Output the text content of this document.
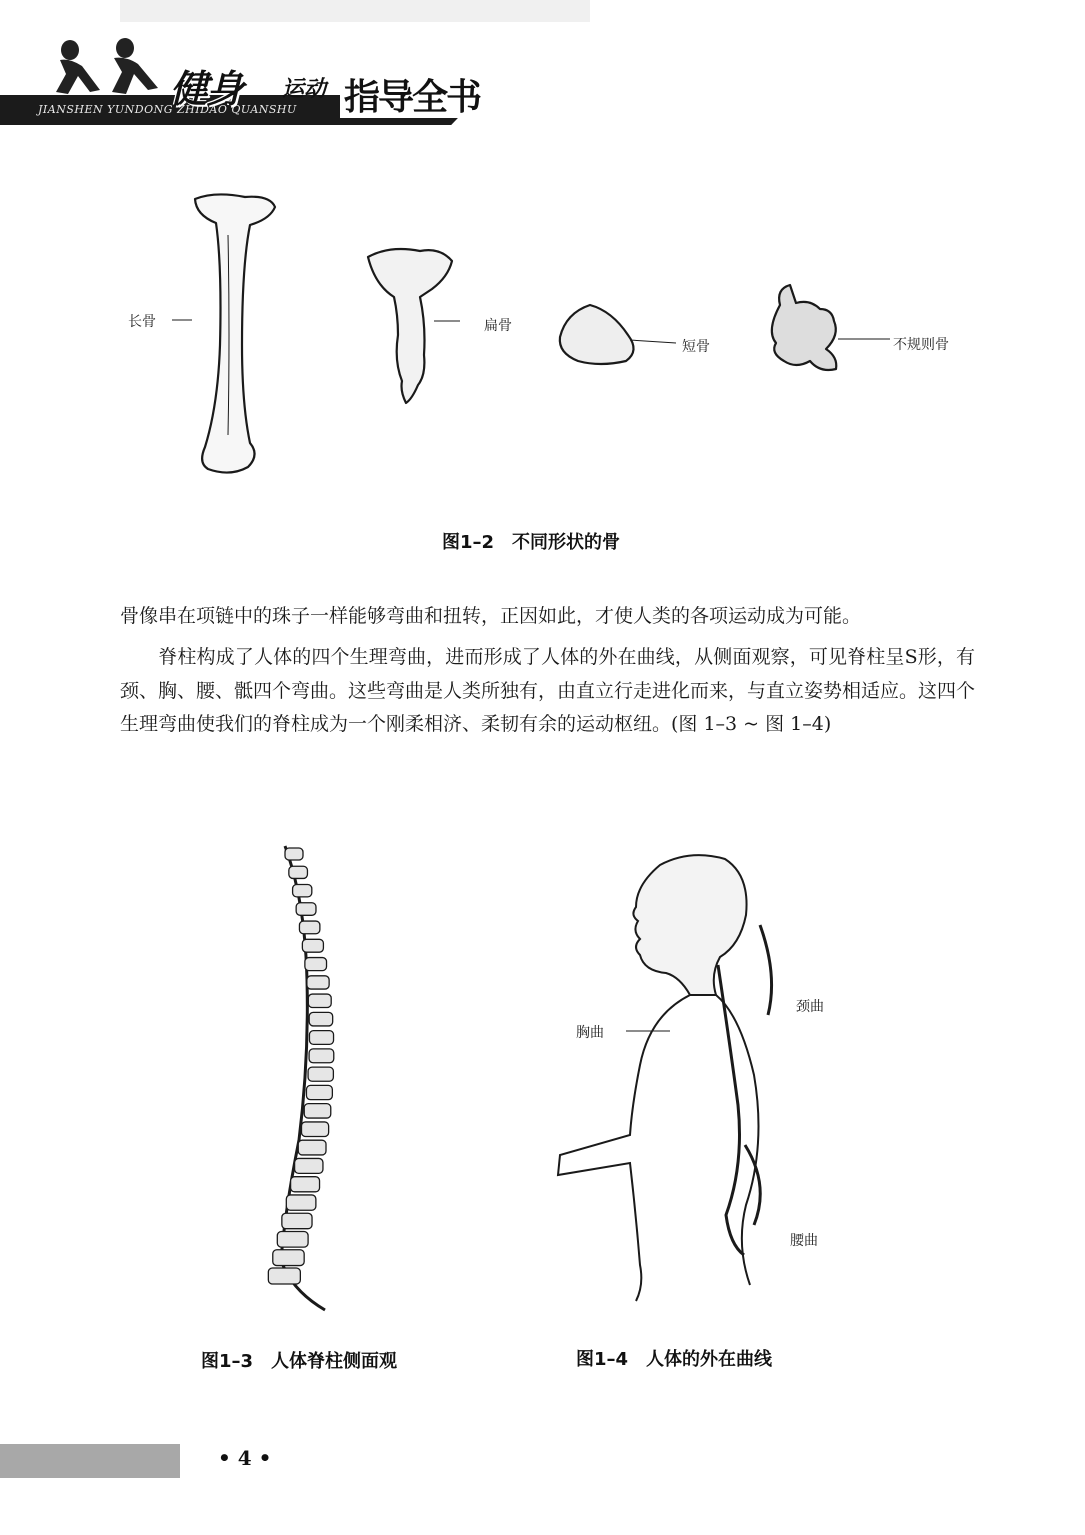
JIANSHEN YUNDONG ZHIDAO QUANSHU
健身 运动 指导全书
长骨	扁骨
短骨	不规则骨
图1–2　不同形状的骨
骨像串在项链中的珠子一样能够弯曲和扭转，正因如此，才使人类的各项运动成为可能。
　　脊柱构成了人体的四个生理弯曲，进而形成了人体的外在曲线，从侧面观察，可见脊柱呈S形，有颈、胸、腰、骶四个弯曲。这些弯曲是人类所独有，由直立行走进化而来，与直立姿势相适应。这四个生理弯曲使我们的脊柱成为一个刚柔相济、柔韧有余的运动枢纽。(图 1–3 ~ 图 1–4)
图1–3　人体脊柱侧面观
颈曲
胸曲
腰曲
图1–4　人体的外在曲线
• 4 •
